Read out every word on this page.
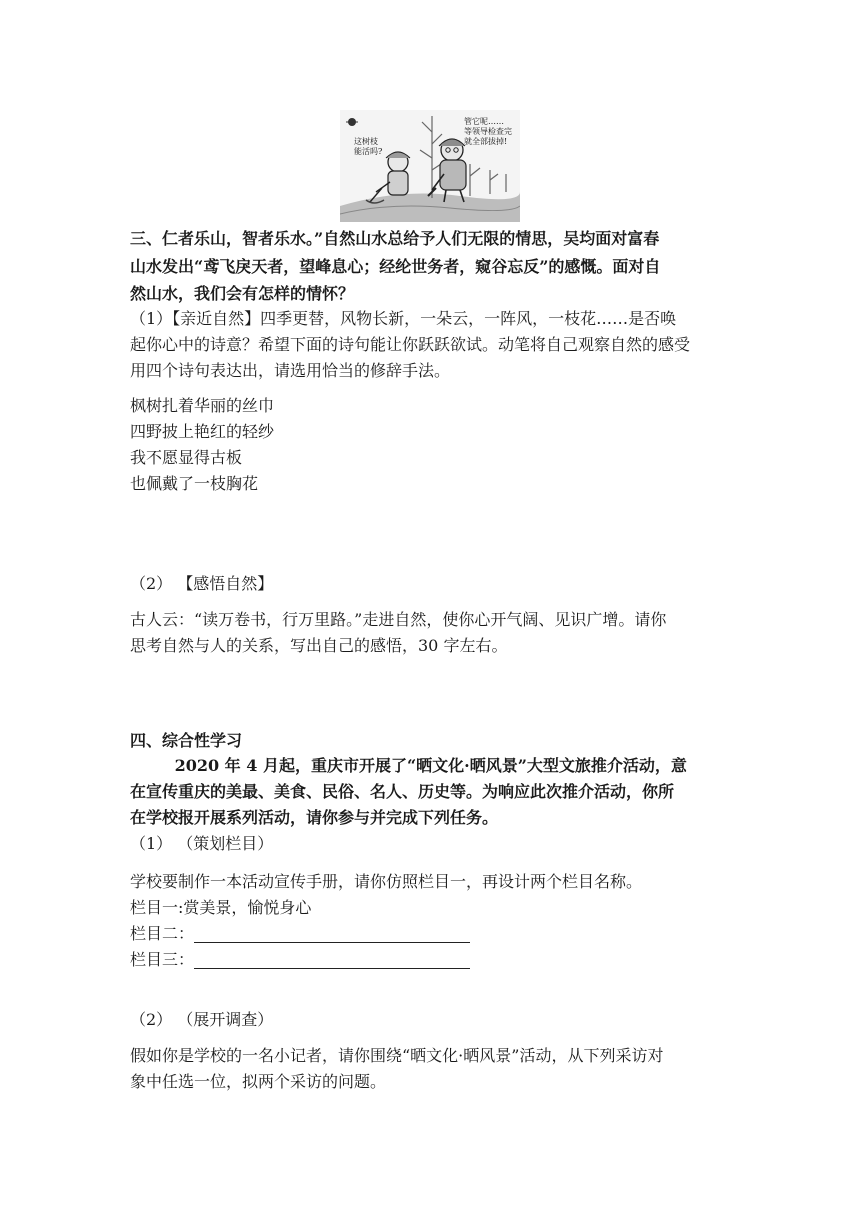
这树枝
能活吗?
管它呢……
等领导检查完
就全部拔掉!
三、仁者乐山，智者乐水。”自然山水总给予人们无限的情思，吴均面对富春
山水发出“鸢飞戾天者，望峰息心；经纶世务者，窥谷忘反”的感慨。面对自
然山水，我们会有怎样的情怀？
（1）【亲近自然】四季更替，风物长新，一朵云，一阵风，一枝花……是否唤
起你心中的诗意？希望下面的诗句能让你跃跃欲试。动笔将自己观察自然的感受
用四个诗句表达出，请选用恰当的修辞手法。
枫树扎着华丽的丝巾
四野披上艳红的轻纱
我不愿显得古板
也佩戴了一枝胸花
（2） 【感悟自然】
古人云：“读万卷书，行万里路。”走进自然，使你心开气阔、见识广增。请你
思考自然与人的关系，写出自己的感悟，30 字左右。
四、综合性学习
2020 年 4 月起，重庆市开展了“晒文化·晒风景”大型文旅推介活动，意
在宣传重庆的美最、美食、民俗、名人、历史等。为响应此次推介活动，你所
在学校报开展系列活动，请你参与并完成下列任务。
（1） （策划栏目）
学校要制作一本活动宣传手册，请你仿照栏目一，再设计两个栏目名称。
栏目一:赏美景，愉悦身心
栏目二：
栏目三：
（2） （展开调查）
假如你是学校的一名小记者，请你围绕“晒文化·晒风景”活动，从下列采访对
象中任选一位，拟两个采访的问题。
